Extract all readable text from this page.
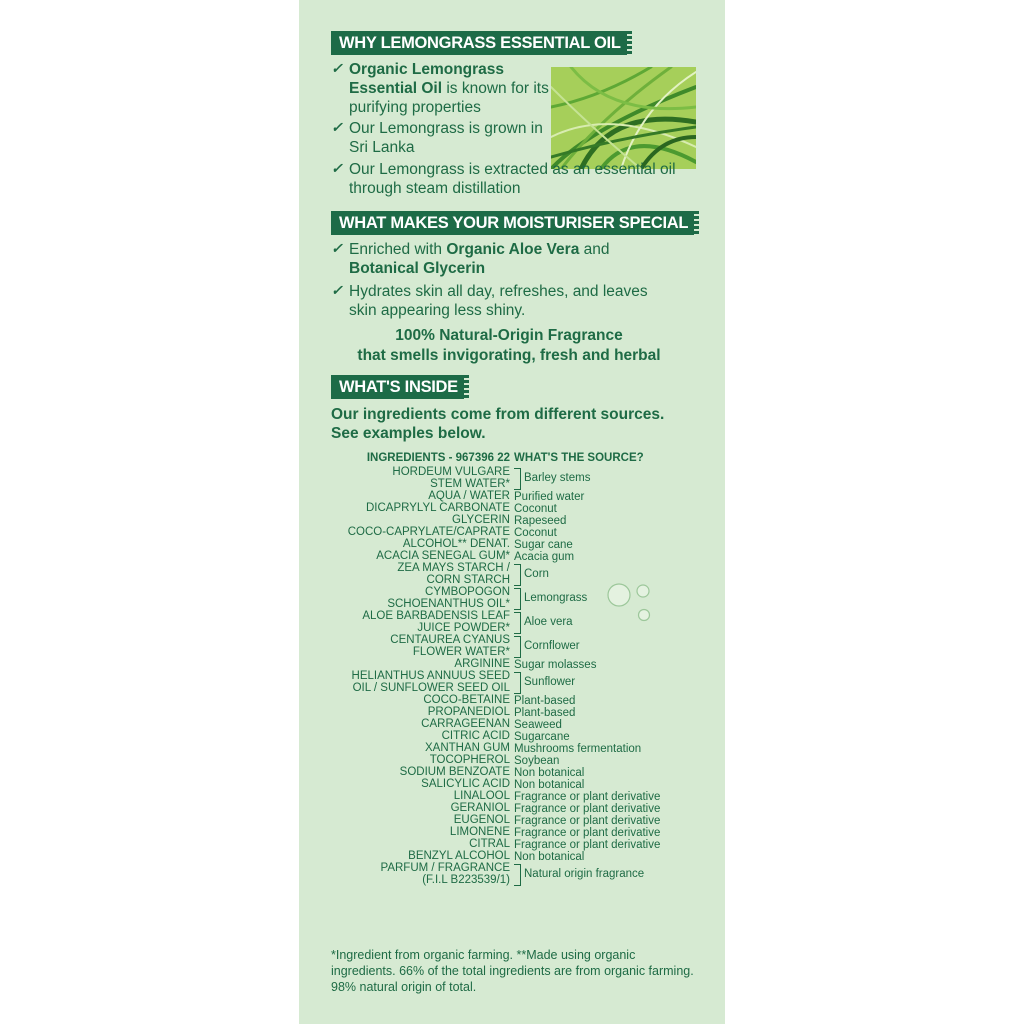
WHY LEMONGRASS ESSENTIAL OIL
✓ Organic Lemongrass Essential Oil is known for its purifying properties
✓ Our Lemongrass is grown in Sri Lanka
✓ Our Lemongrass is extracted as an essential oil through steam distillation
WHAT MAKES YOUR MOISTURISER SPECIAL
✓ Enriched with Organic Aloe Vera and Botanical Glycerin
✓ Hydrates skin all day, refreshes, and leaves skin appearing less shiny.
100% Natural-Origin Fragrance
that smells invigorating, fresh and herbal
WHAT'S INSIDE
Our ingredients come from different sources. See examples below.
INGREDIENTS - 967396 22 WHAT'S THE SOURCE?
HORDEUM VULGARE
STEM WATER* Barley stems
AQUA / WATER Purified water
DICAPRYLYL CARBONATE Coconut
GLYCERIN Rapeseed
COCO-CAPRYLATE/CAPRATE Coconut
ALCOHOL** DENAT. Sugar cane
ACACIA SENEGAL GUM* Acacia gum
ZEA MAYS STARCH /
CORN STARCH Corn
CYMBOPOGON
SCHOENANTHUS OIL* Lemongrass
ALOE BARBADENSIS LEAF
JUICE POWDER* Aloe vera
CENTAUREA CYANUS
FLOWER WATER* Cornflower
ARGININE Sugar molasses
HELIANTHUS ANNUUS SEED
OIL / SUNFLOWER SEED OIL Sunflower
COCO-BETAINE Plant-based
PROPANEDIOL Plant-based
CARRAGEENAN Seaweed
CITRIC ACID Sugarcane
XANTHAN GUM Mushrooms fermentation
TOCOPHEROL Soybean
SODIUM BENZOATE Non botanical
SALICYLIC ACID Non botanical
LINALOOL Fragrance or plant derivative
GERANIOL Fragrance or plant derivative
EUGENOL Fragrance or plant derivative
LIMONENE Fragrance or plant derivative
CITRAL Fragrance or plant derivative
BENZYL ALCOHOL Non botanical
PARFUM / FRAGRANCE
(F.I.L B223539/1) Natural origin fragrance
*Ingredient from organic farming. **Made using organic ingredients. 66% of the total ingredients are from organic farming. 98% natural origin of total.
